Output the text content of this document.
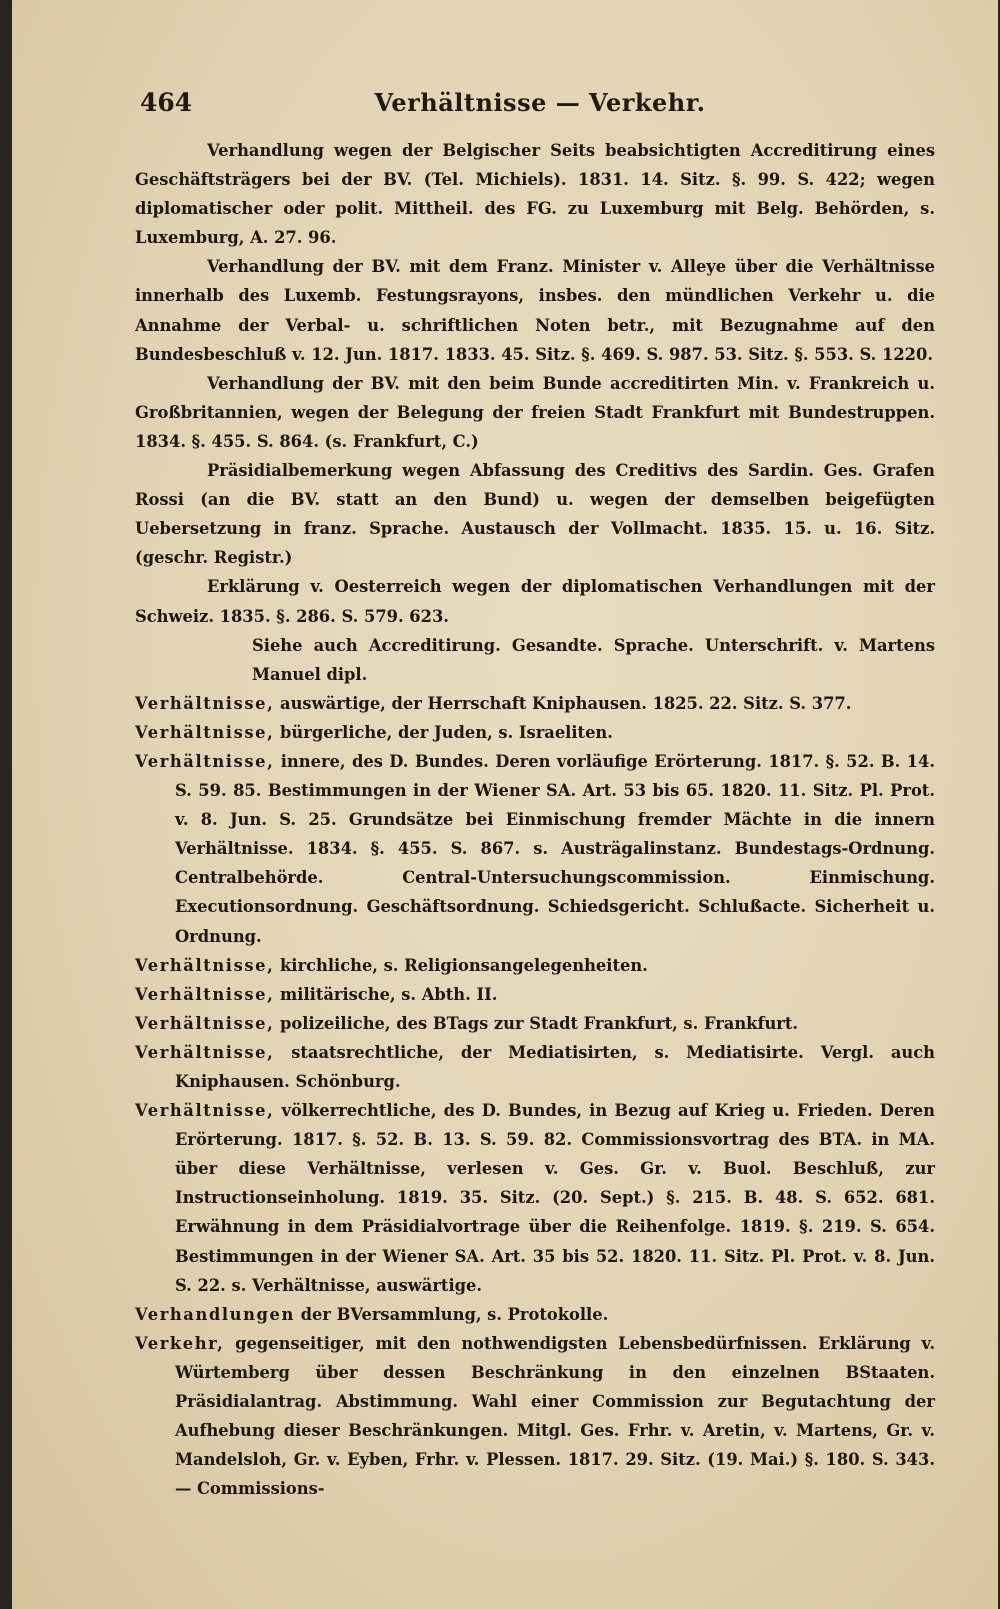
464	Verhältnisse — Verkehr.

Verhandlung wegen der Belgischer Seits beabsichtigten Accreditirung eines Geschäftsträgers bei der BV. (Tel. Michiels). 1831. 14. Sitz. §. 99. S. 422; wegen diplomatischer oder polit. Mittheil. des FG. zu Luxemburg mit Belg. Behörden, s. Luxemburg, A. 27. 96.

Verhandlung der BV. mit dem Franz. Minister v. Alleye über die Verhältnisse innerhalb des Luxemb. Festungsrayons, insbes. den mündlichen Verkehr u. die Annahme der Verbal- u. schriftlichen Noten betr., mit Bezugnahme auf den Bundesbeschluß v. 12. Jun. 1817. 1833. 45. Sitz. §. 469. S. 987. 53. Sitz. §. 553. S. 1220.

Verhandlung der BV. mit den beim Bunde accreditirten Min. v. Frankreich u. Großbritannien, wegen der Belegung der freien Stadt Frankfurt mit Bundestruppen. 1834. §. 455. S. 864. (s. Frankfurt, C.)

Präsidialbemerkung wegen Abfassung des Creditivs des Sardin. Ges. Grafen Rossi (an die BV. statt an den Bund) u. wegen der demselben beigefügten Uebersetzung in franz. Sprache. Austausch der Vollmacht. 1835. 15. u. 16. Sitz. (geschr. Registr.)

Erklärung v. Oesterreich wegen der diplomatischen Verhandlungen mit der Schweiz. 1835. §. 286. S. 579. 623.

Siehe auch Accreditirung. Gesandte. Sprache. Unterschrift. v. Martens Manuel dipl.

Verhältnisse, auswärtige, der Herrschaft Kniphausen. 1825. 22. Sitz. S. 377.

Verhältnisse, bürgerliche, der Juden, s. Israeliten.

Verhältnisse, innere, des D. Bundes. Deren vorläufige Erörterung. 1817. §. 52. B. 14. S. 59. 85. Bestimmungen in der Wiener SA. Art. 53 bis 65. 1820. 11. Sitz. Pl. Prot. v. 8. Jun. S. 25. Grundsätze bei Einmischung fremder Mächte in die innern Verhältnisse. 1834. §. 455. S. 867. s. Austrägalinstanz. Bundestags-Ordnung. Centralbehörde. Central-Untersuchungscommission. Einmischung. Executionsordnung. Geschäftsordnung. Schiedsgericht. Schlußacte. Sicherheit u. Ordnung.

Verhältnisse, kirchliche, s. Religionsangelegenheiten.

Verhältnisse, militärische, s. Abth. II.

Verhältnisse, polizeiliche, des BTags zur Stadt Frankfurt, s. Frankfurt.

Verhältnisse, staatsrechtliche, der Mediatisirten, s. Mediatisirte. Vergl. auch Kniphausen. Schönburg.

Verhältnisse, völkerrechtliche, des D. Bundes, in Bezug auf Krieg u. Frieden. Deren Erörterung. 1817. §. 52. B. 13. S. 59. 82. Commissionsvortrag des BTA. in MA. über diese Verhältnisse, verlesen v. Ges. Gr. v. Buol. Beschluß, zur Instructionseinholung. 1819. 35. Sitz. (20. Sept.) §. 215. B. 48. S. 652. 681. Erwähnung in dem Präsidialvortrage über die Reihenfolge. 1819. §. 219. S. 654. Bestimmungen in der Wiener SA. Art. 35 bis 52. 1820. 11. Sitz. Pl. Prot. v. 8. Jun. S. 22. s. Verhältnisse, auswärtige.

Verhandlungen der BVersammlung, s. Protokolle.

Verkehr, gegenseitiger, mit den nothwendigsten Lebensbedürfnissen. Erklärung v. Würtemberg über dessen Beschränkung in den einzelnen BStaaten. Präsidialantrag. Abstimmung. Wahl einer Commission zur Begutachtung der Aufhebung dieser Beschränkungen. Mitgl. Ges. Frhr. v. Aretin, v. Martens, Gr. v. Mandelsloh, Gr. v. Eyben, Frhr. v. Plessen. 1817. 29. Sitz. (19. Mai.) §. 180. S. 343. — Commissions-
